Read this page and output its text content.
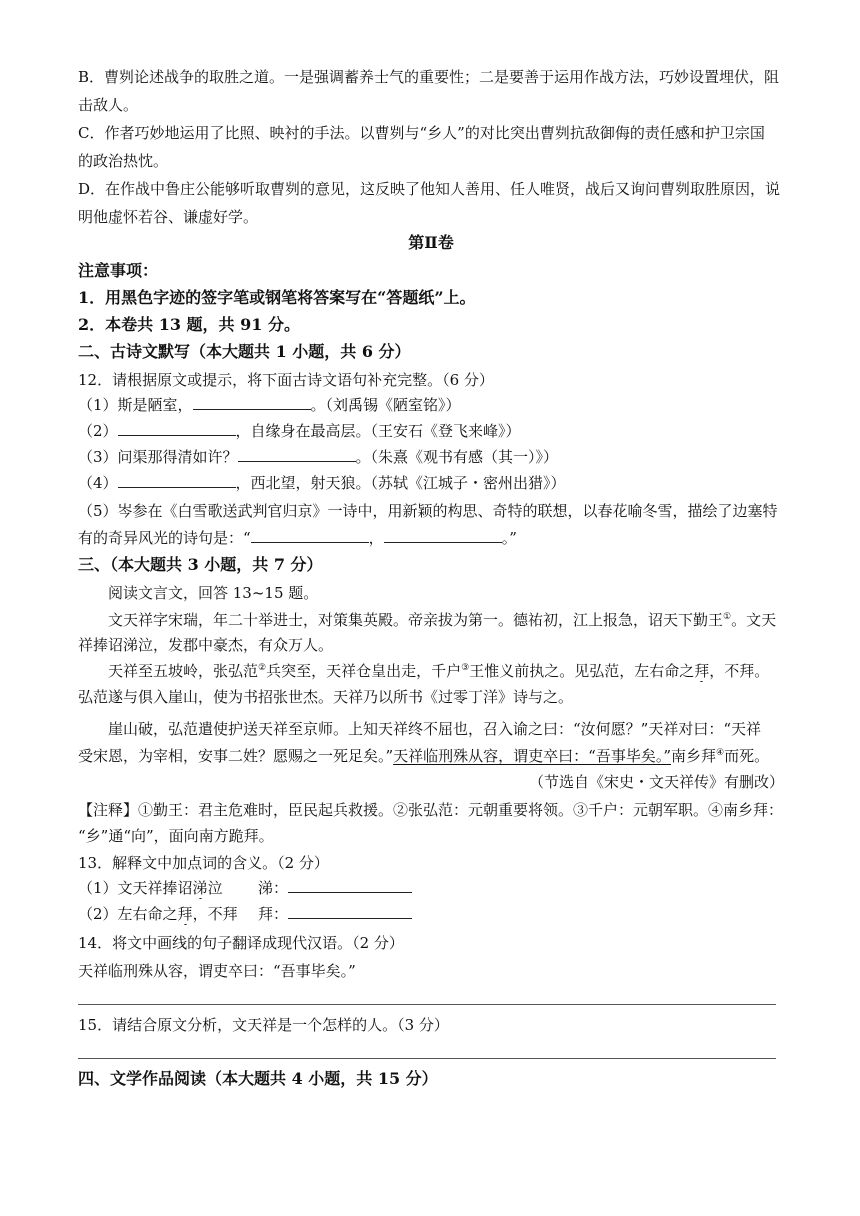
B．曹刿论述战争的取胜之道。一是强调蓄养士气的重要性；二是要善于运用作战方法，巧妙设置埋伏，阻
击敌人。
C．作者巧妙地运用了比照、映衬的手法。以曹刿与“乡人”的对比突出曹刿抗敌御侮的责任感和护卫宗国
的政治热忱。
D．在作战中鲁庄公能够听取曹刿的意见，这反映了他知人善用、任人唯贤，战后又询问曹刿取胜原因，说
明他虚怀若谷、谦虚好学。
第Ⅱ卷
注意事项：
1．用黑色字迹的签字笔或钢笔将答案写在“答题纸”上。
2．本卷共 13 题，共 91 分。
二、古诗文默写（本大题共 1 小题，共 6 分）
12．请根据原文或提示，将下面古诗文语句补充完整。（6 分）
（1）斯是陋室，	。（刘禹锡《陋室铭》）
（2）	，自缘身在最高层。（王安石《登飞来峰》）
（3）问渠那得清如许？	。（朱熹《观书有感（其一）》）
（4）	，西北望，射天狼。（苏轼《江城子・密州出猎》）
（5）岑参在《白雪歌送武判官归京》一诗中，用新颖的构思、奇特的联想，以春花喻冬雪，描绘了边塞特
有的奇异风光的诗句是：“	，	。”
三、（本大题共 3 小题，共 7 分）
阅读文言文，回答 13~15 题。
文天祥字宋瑞，年二十举进士，对策集英殿。帝亲拔为第一。德祐初，江上报急，诏天下勤王①。文天
祥捧诏涕泣，发郡中豪杰，有众万人。
天祥至五坡岭，张弘范②兵突至，天祥仓皇出走，千户③王惟义前执之。见弘范，左右命之拜，不拜。
弘范遂与俱入崖山，使为书招张世杰。天祥乃以所书《过零丁洋》诗与之。
崖山破，弘范遣使护送天祥至京师。上知天祥终不屈也，召入谕之曰：“汝何愿？”天祥对曰：“天祥
受宋恩，为宰相，安事二姓？愿赐之一死足矣。”天祥临刑殊从容，谓吏卒曰：“吾事毕矣。”南乡拜④而死。
（节选自《宋史・文天祥传》有删改）
【注释】①勤王：君主危难时，臣民起兵救援。②张弘范：元朝重要将领。③千户：元朝军职。④南乡拜：
“乡”通“向”，面向南方跪拜。
13．解释文中加点词的含义。（2 分）
（1）文天祥捧诏涕泣 涕：
（2）左右命之拜，不拜 拜：
14．将文中画线的句子翻译成现代汉语。（2 分）
天祥临刑殊从容，谓吏卒曰：“吾事毕矣。”
15．请结合原文分析，文天祥是一个怎样的人。（3 分）
四、文学作品阅读（本大题共 4 小题，共 15 分）
